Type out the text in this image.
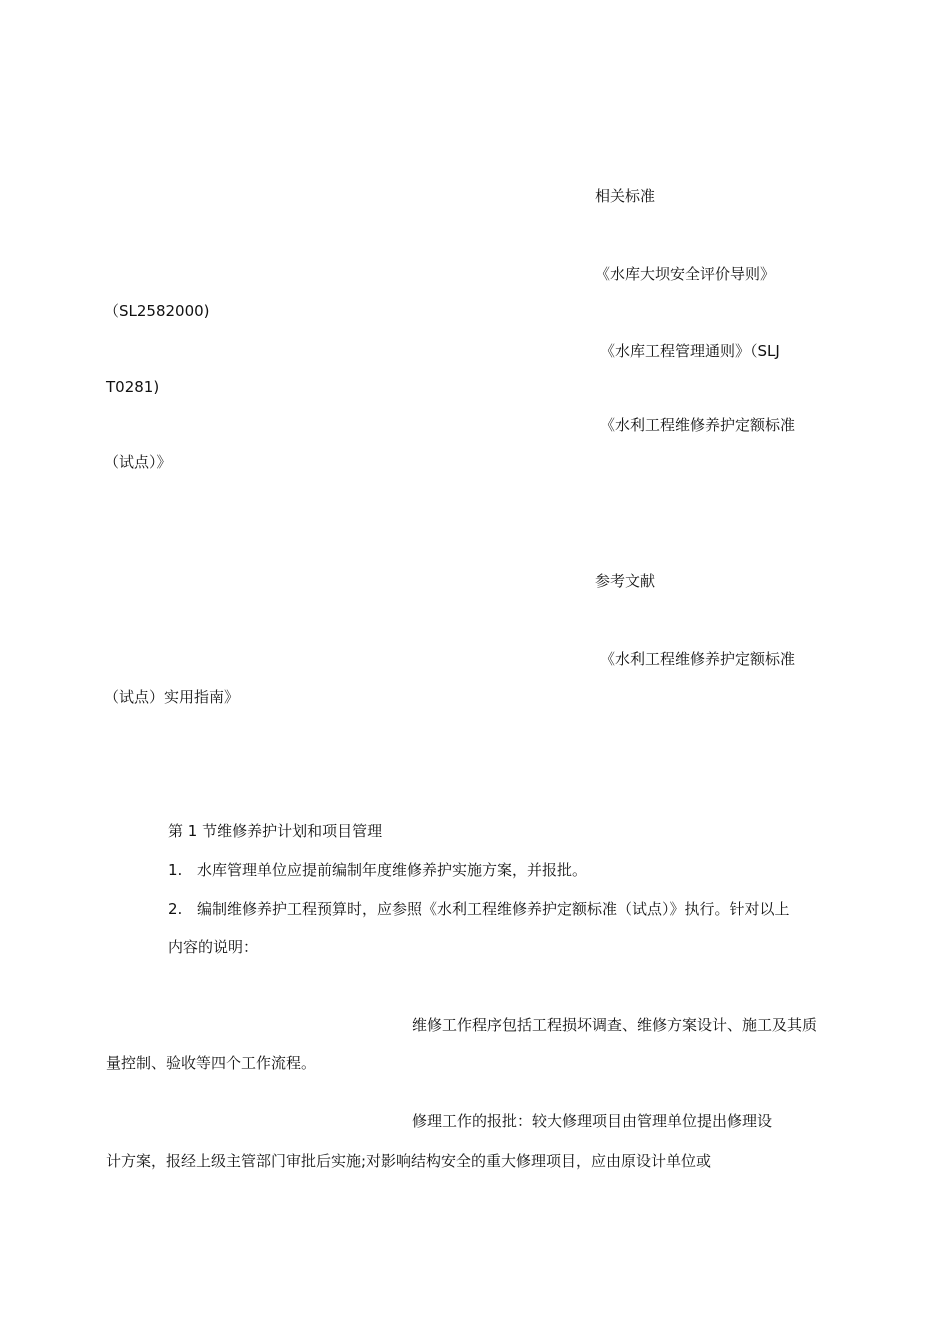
相关标准

《水库大坝安全评价导则》

（SL2582000)

《水库工程管理通则》（SLJ

T0281)

《水利工程维修养护定额标准

（试点）》

参考文献

《水利工程维修养护定额标准

（试点）实用指南》

第 1 节维修养护计划和项目管理

1. 水库管理单位应提前编制年度维修养护实施方案，并报批。

2. 编制维修养护工程预算时，应参照《水利工程维修养护定额标准（试点）》执行。针对以上

内容的说明：

维修工作程序包括工程损坏调查、维修方案设计、施工及其质

量控制、验收等四个工作流程。

修理工作的报批：较大修理项目由管理单位提出修理设

计方案，报经上级主管部门审批后实施;对影响结构安全的重大修理项目，应由原设计单位或
